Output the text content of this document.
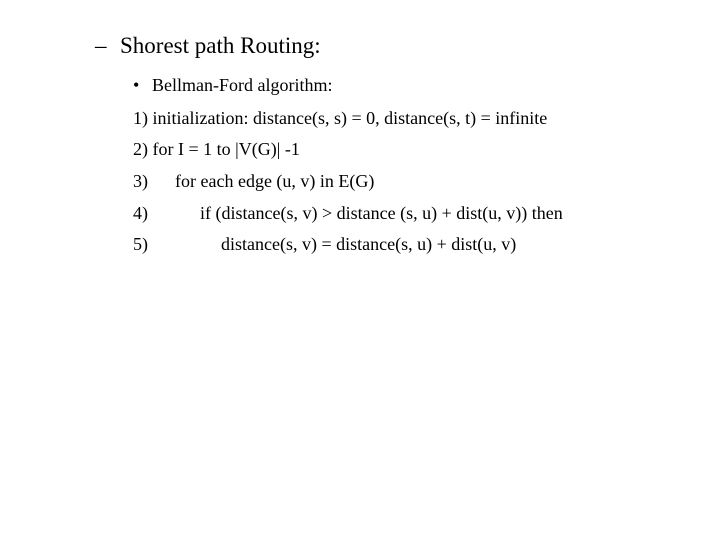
– Shorest path Routing:
• Bellman-Ford algorithm:
1) initialization: distance(s, s) = 0, distance(s, t) = infinite
2) for I = 1 to |V(G)| -1
3) for each edge (u, v) in E(G)
4)	if (distance(s, v) > distance (s, u) + dist(u, v)) then
5)	distance(s, v) = distance(s, u) + dist(u, v)
